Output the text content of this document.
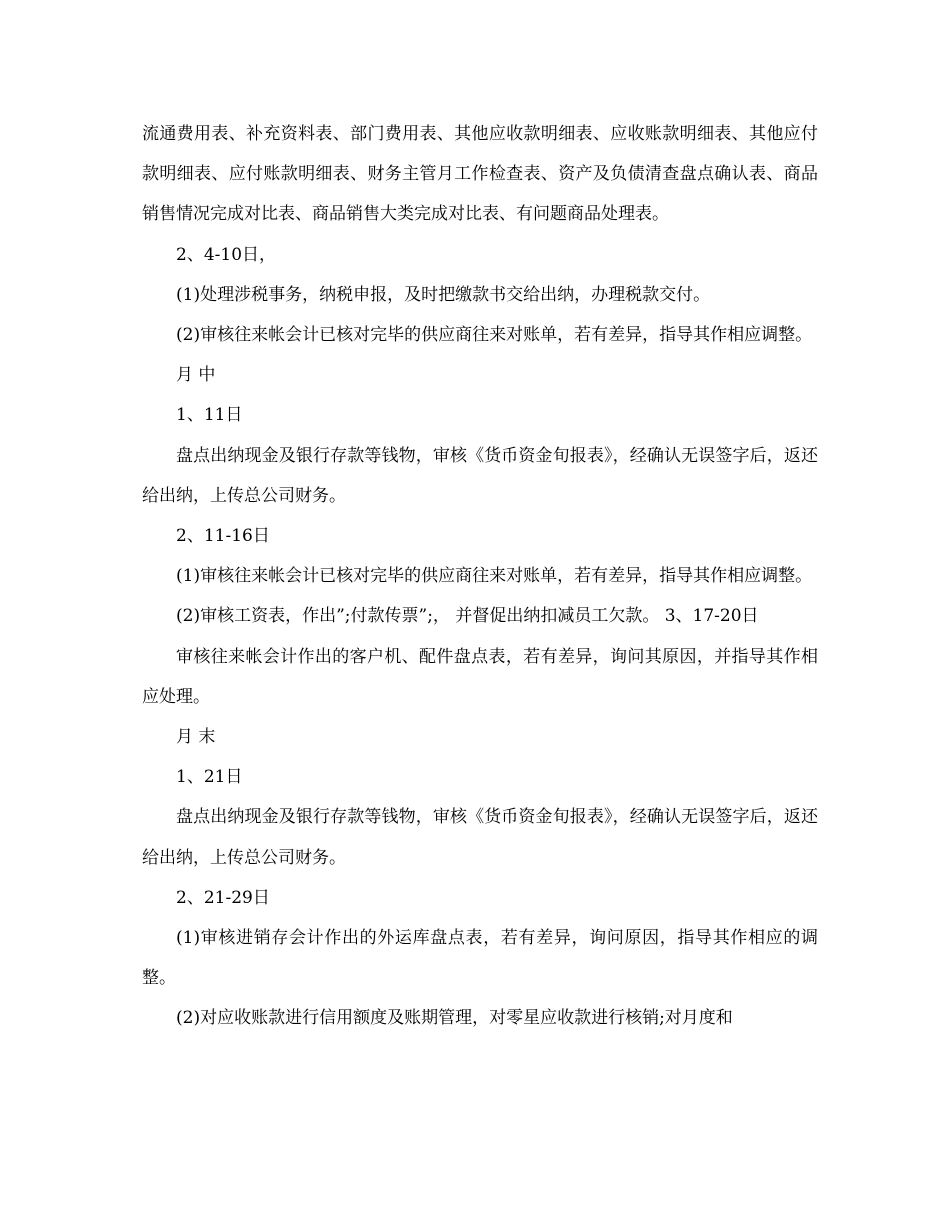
流通费用表、补充资料表、部门费用表、其他应收款明细表、应收账款明细表、其他应付款明细表、应付账款明细表、财务主管月工作检查表、资产及负债清查盘点确认表、商品销售情况完成对比表、商品销售大类完成对比表、有问题商品处理表。

2、4-10日，

(1)处理涉税事务，纳税申报，及时把缴款书交给出纳，办理税款交付。

(2)审核往来帐会计已核对完毕的供应商往来对账单，若有差异，指导其作相应调整。

月 中

1、11日

盘点出纳现金及银行存款等钱物，审核《货币资金旬报表》，经确认无误签字后，返还给出纳，上传总公司财务。

2、11-16日

(1)审核往来帐会计已核对完毕的供应商往来对账单，若有差异，指导其作相应调整。

(2)审核工资表，作出”;付款传票”;， 并督促出纳扣减员工欠款。 3、17-20日

审核往来帐会计作出的客户机、配件盘点表，若有差异，询问其原因，并指导其作相应处理。

月 末

1、21日

盘点出纳现金及银行存款等钱物，审核《货币资金旬报表》，经确认无误签字后，返还给出纳，上传总公司财务。

2、21-29日

(1)审核进销存会计作出的外运库盘点表，若有差异，询问原因，指导其作相应的调整。

(2)对应收账款进行信用额度及账期管理，对零星应收款进行核销;对月度和
